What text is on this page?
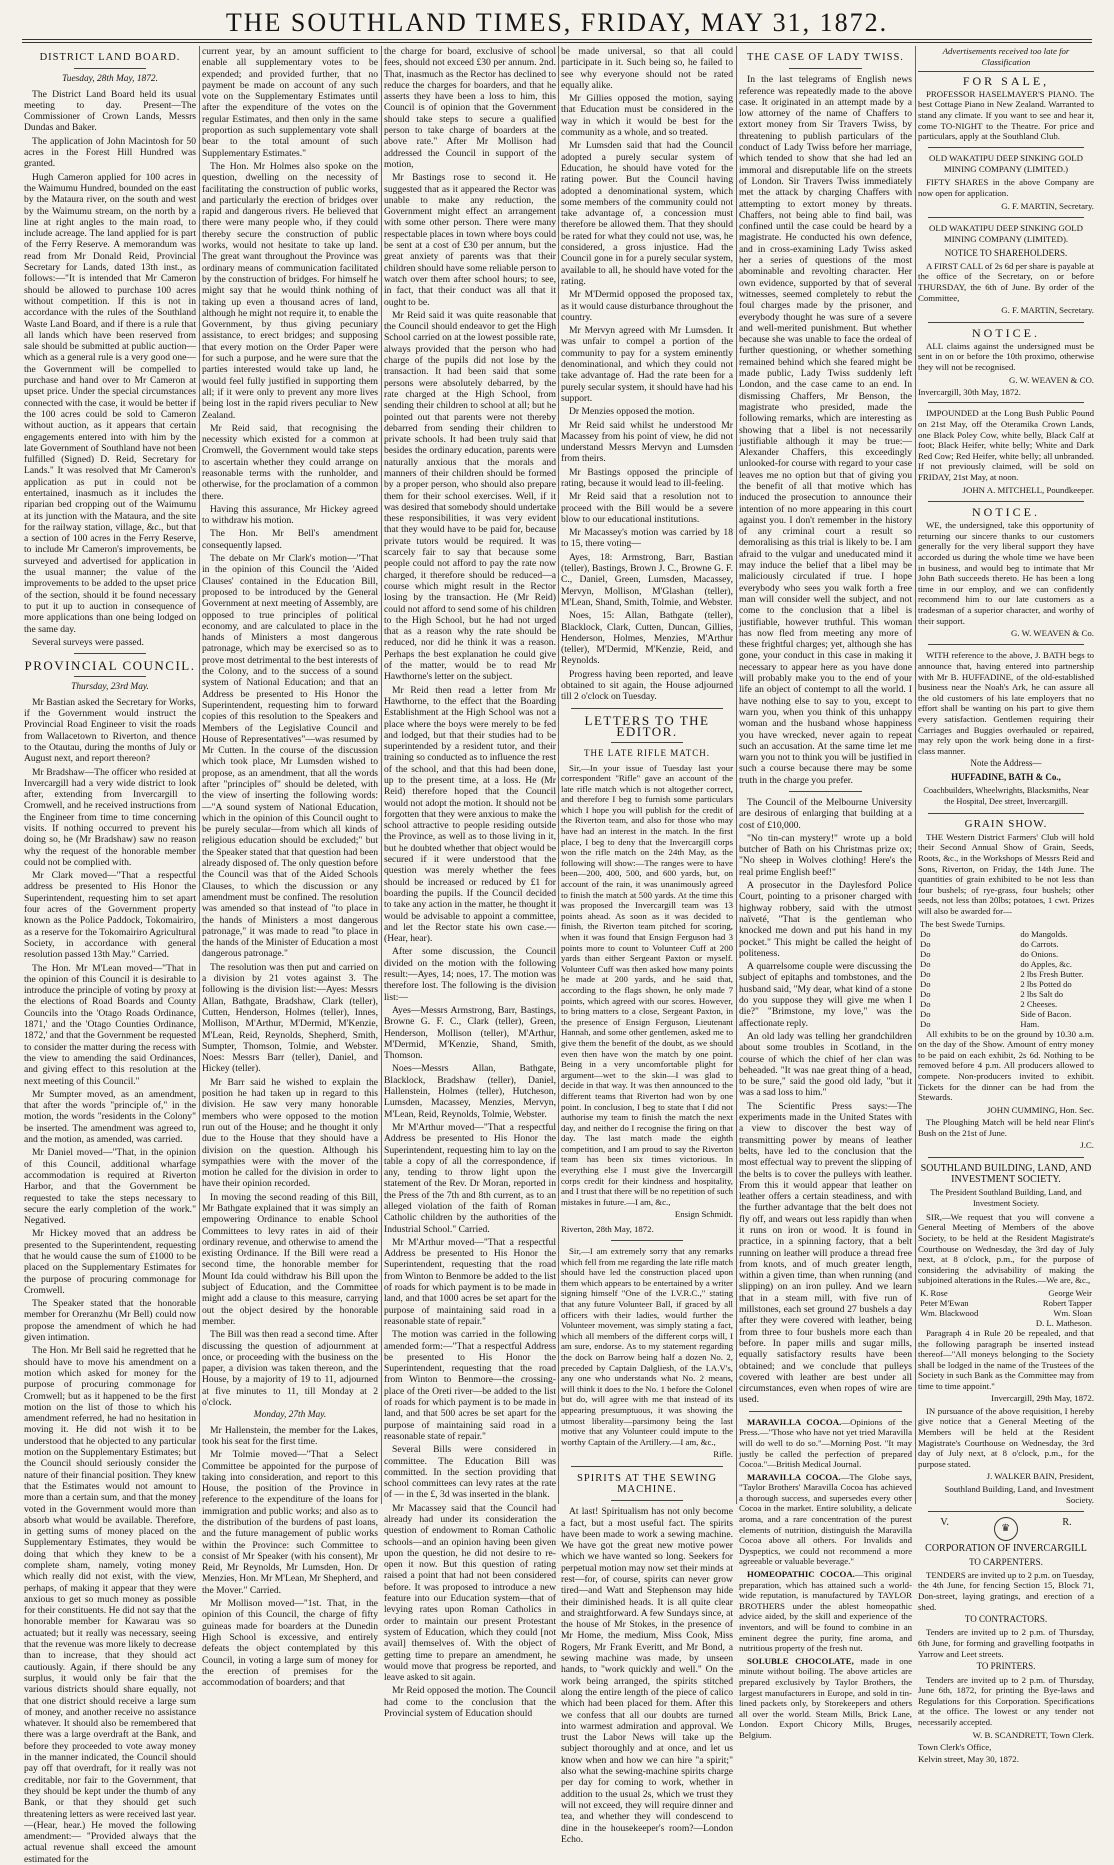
THE SOUTHLAND TIMES, FRIDAY, MAY 31, 1872.
DISTRICT LAND BOARD.
Tuesday, 28th May, 1872.

The District Land Board held its usual meeting to day. Present—The Commissioner of Crown Lands, Messrs Dundas and Baker.

The application of John Macintosh for 50 acres in the Forest Hill Hundred was granted.

Hugh Cameron applied for 100 acres in the Waimumu Hundred, bounded on the east by the Mataura river, on the south and west by the Waimumu stream, on the north by a line at right angles to the main road, to include acreage. The land applied for is part of the Ferry Reserve. A memorandum was read from Mr Donald Reid, Provincial Secretary for Lands, dated 13th inst., as follows:—"It is intended that Mr Cameron should be allowed to purchase 100 acres without competition. If this is not in accordance with the rules of the Southland Waste Land Board, and if there is a rule that all lands which have been reserved from sale should be submitted at public auction—which as a general rule is a very good one—the Government will be compelled to purchase and hand over to Mr Cameron at upset price. Under the special circumstances connected with the case, it would be better if the 100 acres could be sold to Cameron without auction, as it appears that certain engagements entered into with him by the late Government of Southland have not been fulfilled (Signed) D. Reid, Secretary for Lands." It was resolved that Mr Cameron's application as put in could not be entertained, inasmuch as it includes the riparian bed cropping out of the Waimumu at its junction with the Mataura, and the site for the railway station, village, &c., but that a section of 100 acres in the Ferry Reserve, to include Mr Cameron's improvements, be surveyed and advertised for application in the usual manner; the value of the improvements to be added to the upset price of the section, should it be found necessary to put it up to auction in consequence of more applications than one being lodged on the same day.

Several surveys were passed.

PROVINCIAL COUNCIL.
Thursday, 23rd May.

Mr Bastian asked the Secretary for Works, if the Government would instruct the Provincial Road Engineer to visit the roads from Wallacetown to Riverton, and thence to the Otautau, during the months of July or August next, and report thereon?

Mr Bradshaw—The officer who resided at Invercargill had a very wide district to look after, extending from Invercargill to Cromwell, and he received instructions from the Engineer from time to time concerning visits. If nothing occurred to prevent his doing so, he (Mr Bradshaw) saw no reason why the request of the honorable member could not be complied with.

Mr Clark moved—"That a respectful address be presented to His Honor the Superintendent, requesting him to set apart four acres of the Government property known as the Police Paddock, Tokomairiro, as a reserve for the Tokomairiro Agricultural Society, in accordance with general resolution passed 13th May." Carried.

The Hon. Mr M'Lean moved—"That in the opinion of this Council it is desirable to introduce the principle of voting by proxy at the elections of Road Boards and County Councils into the 'Otago Roads Ordinance, 1871,' and the 'Otago Counties Ordinance, 1872,' and that the Government be requested to consider the matter during the recess with the view to amending the said Ordinances, and giving effect to this resolution at the next meeting of this Council."

Mr Sumpter moved, as an amendment, that after the words "principle of," in the motion, the words "residents in the Colony" be inserted. The amendment was agreed to, and the motion, as amended, was carried.

Mr Daniel moved—"That, in the opinion of this Council, additional wharfage accommodation is required at Riverton Harbor, and that the Government be requested to take the steps necessary to secure the early completion of the work." Negatived.

Mr Hickey moved that an address be presented to the Superintendent, requesting that he would cause the sum of £1000 to be placed on the Supplementary Estimates for the purpose of procuring commonage for Cromwell.

The Speaker stated that the honorable member for Oreranzhu (Mr Bell) could now propose the amendment of which he had given intimation.

The Hon. Mr Bell said he regretted that he should have to move his amendment on a motion which asked for money for the purpose of procuring commonage for Cromwell; but as it happened to be the first motion on the list of those to which his amendment referred, he had no hesitation in moving it. He did not wish it to be understood that he objected to any particular motion on the Supplementary Estimates; but the Council should seriously consider the nature of their financial position. They knew that the Estimates would not amount to more than a certain sum, and that the money voted in the Government would more than absorb what would be available. Therefore, in getting sums of money placed on the Supplementary Estimates, they would be doing that which they knew to be a complete sham, namely, voting money which really did not exist, with the view, perhaps, of making it appear that they were anxious to get so much money as possible for their constituents. He did not say that the honorable member for Kawarau was so actuated; but it really was necessary, seeing that the revenue was more likely to decrease than to increase, that they should act cautiously. Again, if there should be any surplus, it would only be fair that the various districts should share equally, not that one district should receive a large sum of money, and another receive no assistance whatever. It should also be remembered that there was a large overdraft at the Bank, and before they proceeded to vote away money in the manner indicated, the Council should pay off that overdraft, for it really was not creditable, nor fair to the Government, that they should be kept under the thumb of any Bank, or that they should get such threatening letters as were received last year.—(Hear, hear.) He moved the following amendment:— "Provided always that the actual revenue shall exceed the amount estimated for the

current year, by an amount sufficient to enable all supplementary votes to be expended; and provided further, that no payment be made on account of any such vote on the Supplementary Estimates until after the expenditure of the votes on the regular Estimates, and then only in the same proportion as such supplementary vote shall bear to the total amount of such Supplementary Estimates."

The Hon. Mr Holmes also spoke on the question, dwelling on the necessity of facilitating the construction of public works, and particularly the erection of bridges over rapid and dangerous rivers. He believed that there were many people who, if they could thereby secure the construction of public works, would not hesitate to take up land. The great want throughout the Province was ordinary means of communication facilitated by the construction of bridges. For himself he might say that he would think nothing of taking up even a thousand acres of land, although he might not require it, to enable the Government, by thus giving pecuniary assistance, to erect bridges; and supposing that every motion on the Order Paper were for such a purpose, and he were sure that the parties interested would take up land, he would feel fully justified in supporting them all; if it were only to prevent any more lives being lost in the rapid rivers peculiar to New Zealand.

Mr Reid said, that recognising the necessity which existed for a common at Cromwell, the Government would take steps to ascertain whether they could arrange on reasonable terms with the runholder, and otherwise, for the proclamation of a common there.

Having this assurance, Mr Hickey agreed to withdraw his motion.

The Hon. Mr Bell's amendment consequently lapsed.

The debate on Mr Clark's motion—"That in the opinion of this Council the 'Aided Clauses' contained in the Education Bill, proposed to be introduced by the General Government at next meeting of Assembly, are opposed to true principles of political economy, and are calculated to place in the hands of Ministers a most dangerous patronage, which may be exercised so as to prove most detrimental to the best interests of the Colony, and to the success of a sound system of National Education; and that an Address be presented to His Honor the Superintendent, requesting him to forward copies of this resolution to the Speakers and Members of the Legislative Council and House of Representatives"—was resumed by Mr Cutten. In the course of the discussion which took place, Mr Lumsden wished to propose, as an amendment, that all the words after "principles of" should be deleted, with the view of inserting the following words:—"A sound system of National Education, which in the opinion of this Council ought to be purely secular—from which all kinds of religious education should be excluded;" but the Speaker stated that that question had been already disposed of. The only question before the Council was that of the Aided Schools Clauses, to which the discussion or any amendment must be confined. The resolution was amended so that instead of "to place in the hands of Ministers a most dangerous patronage," it was made to read "to place in the hands of the Minister of Education a most dangerous patronage."

The resolution was then put and carried on a division by 21 votes against 3. The following is the division list:—Ayes: Messrs Allan, Bathgate, Bradshaw, Clark (teller), Cutten, Henderson, Holmes (teller), Innes, Mollison, M'Arthur, M'Dermid, M'Kenzie, M'Lean, Reid, Reynolds, Shepherd, Smith, Sumpter, Thomson, Tolmie, and Webster. Noes: Messrs Barr (teller), Daniel, and Hickey (teller).

Mr Barr said he wished to explain the position he had taken up in regard to this division. He saw very many honorable members who were opposed to the motion run out of the House; and he thought it only due to the House that they should have a division on the question. Although his sympathies were with the mover of the motion he called for the division in order to have their opinion recorded.

In moving the second reading of this Bill, Mr Bathgate explained that it was simply an empowering Ordinance to enable School Committees to levy rates in aid of their ordinary revenue, and otherwise to amend the existing Ordinance. If the Bill were read a second time, the honorable member for Mount Ida could withdraw his Bill upon the subject of Education, and the Committee might add a clause to this measure, carrying out the object desired by the honorable member.

The Bill was then read a second time. After discussing the question of adjournment at once, or proceeding with the business on the paper, a division was taken thereon, and the House, by a majority of 19 to 11, adjourned at five minutes to 11, till Monday at 2 o'clock.

Monday, 27th May.

Mr Hallenstein, the member for the Lakes, took his seat for the first time.

Mr Tolmie moved—"That a Select Committee be appointed for the purpose of taking into consideration, and report to this House, the position of the Province in reference to the expenditure of the loans for immigration and public works; and also as to the distribution of the burdens of past loans, and the future management of public works within the Province: such Committee to consist of Mr Speaker (with his consent), Mr Reid, Mr Reynolds, Mr Lumsden, Hon. Dr Menzies, Hon. Mr M'Lean, Mr Shepherd, and the Mover." Carried.

Mr Mollison moved—"1st. That, in the opinion of this Council, the charge of fifty guineas made for boarders at the Dunedin High School is excessive, and entirely defeats the object contemplated by this Council, in voting a large sum of money for the erection of premises for the accommodation of boarders; and that

the charge for board, exclusive of school fees, should not exceed £30 per annum. 2nd. That, inasmuch as the Rector has declined to reduce the charges for boarders, and that he asserts they have been a loss to him, this Council is of opinion that the Government should take steps to secure a qualified person to take charge of boarders at the above rate." After Mr Mollison had addressed the Council in support of the motion,

Mr Bastings rose to second it. He suggested that as it appeared the Rector was unable to make any reduction, the Government might effect an arrangement with some other person. There were many respectable places in town where boys could be sent at a cost of £30 per annum, but the great anxiety of parents was that their children should have some reliable person to watch over them after school hours; to see, in fact, that their conduct was all that it ought to be.

Mr Reid said it was quite reasonable that the Council should endeavor to get the High School carried on at the lowest possible rate, always provided that the person who had charge of the pupils did not lose by the transaction. It had been said that some persons were absolutely debarred, by the rate charged at the High School, from sending their children to school at all; but he pointed out that parents were not thereby debarred from sending their children to private schools. It had been truly said that besides the ordinary education, parents were naturally anxious that the morals and manners of their children should be formed by a proper person, who should also prepare them for their school exercises. Well, if it was desired that somebody should undertake these responsibilities, it was very evident that they would have to be paid for, because private tutors would be required. It was scarcely fair to say that because some people could not afford to pay the rate now charged, it therefore should be reduced—a course which might result in the Rector losing by the transaction. He (Mr Reid) could not afford to send some of his children to the High School, but he had not urged that as a reason why the rate should be reduced, nor did he think it was a reason. Perhaps the best explanation he could give of the matter, would be to read Mr Hawthorne's letter on the subject.

Mr Reid then read a letter from Mr Hawthorne, to the effect that the Boarding Establishment at the High School was not a place where the boys were merely to be fed and lodged, but that their studies had to be superintended by a resident tutor, and their training so conducted as to influence the rest of the school, and that this had been done, up to the present time, at a loss. He (Mr Reid) therefore hoped that the Council would not adopt the motion. It should not be forgotten that they were anxious to make the school attractive to people residing outside the Province, as well as to those living in it, but he doubted whether that object would be secured if it were understood that the question was merely whether the fees should be increased or reduced by £1 for boarding the pupils. If the Council decided to take any action in the matter, he thought it would be advisable to appoint a committee, and let the Rector state his own case.—(Hear, hear).

After some discussion, the Council divided on the motion with the following result:—Ayes, 14; noes, 17. The motion was therefore lost. The following is the division list:—

Ayes—Messrs Armstrong, Barr, Bastings, Browne G. F. C., Clark (teller), Green, Henderson, Mollison (teller), M'Arthur, M'Dermid, M'Kenzie, Shand, Smith, Thomson.

Noes—Messrs Allan, Bathgate, Blacklock, Bradshaw (teller), Daniel, Hallenstein, Holmes (teller), Hutcheson, Lumsden, Macassey, Menzies, Mervyn, M'Lean, Reid, Reynolds, Tolmie, Webster.

Mr M'Arthur moved—"That a respectful Address be presented to His Honor the Superintendent, requesting him to lay on the table a copy of all the correspondence, if any, tending to throw light upon the statement of the Rev. Dr Moran, reported in the Press of the 7th and 8th current, as to an alleged violation of the faith of Roman Catholic children by the authorities of the Industrial School." Carried.

Mr M'Arthur moved—"That a respectful Address be presented to His Honor the Superintendent, requesting that the road from Winton to Benmore be added to the list of roads for which payment is to be made in land, and that 1000 acres be set apart for the purpose of maintaining said road in a reasonable state of repair."

The motion was carried in the following amended form:—"That a respectful Address be presented to His Honor the Superintendent, requesting that the road from Winton to Benmore—the crossing-place of the Oreti river—be added to the list of roads for which payment is to be made in land, and that 500 acres be set apart for the purpose of maintaining said road in a reasonable state of repair."

Several Bills were considered in committee. The Education Bill was committed. In the section providing that school committees can levy rates at the rate of — in the £, 3d was inserted in the blank.

Mr Macassey said that the Council had already had under its consideration the question of endowment to Roman Catholic schools—and an opinion having been given upon the question, he did not desire to re-open it now. But this question of rating raised a point that had not been considered before. It was proposed to introduce a new feature into our Education system—that of levying rates upon Roman Catholics in order to maintain our present Protestant system of Education, which they could [not avail] themselves of. With the object of getting time to prepare an amendment, he would move that progress be reported, and leave asked to sit again.

Mr Reid opposed the motion. The Council had come to the conclusion that the Provincial system of Education should

be made universal, so that all could participate in it. Such being so, he failed to see why everyone should not be rated equally alike.

Mr Gillies opposed the motion, saying that Education must be considered in the way in which it would be best for the community as a whole, and so treated.

Mr Lumsden said that had the Council adopted a purely secular system of Education, he should have voted for the rating power. But the Council having adopted a denominational system, which some members of the community could not take advantage of, a concession must therefore be allowed them. That they should be rated for what they could not use, was, he considered, a gross injustice. Had the Council gone in for a purely secular system, available to all, he should have voted for the rating.

Mr M'Dermid opposed the proposed tax, as it would cause disturbance throughout the country.

Mr Mervyn agreed with Mr Lumsden. It was unfair to compel a portion of the community to pay for a system eminently denominational, and which they could not take advantage of. Had the rate been for a purely secular system, it should have had his support.

Dr Menzies opposed the motion.

Mr Reid said whilst he understood Mr Macassey from his point of view, he did not understand Messrs Mervyn and Lumsden from theirs.

Mr Bastings opposed the principle of rating, because it would lead to ill-feeling.

Mr Reid said that a resolution not to proceed with the Bill would be a severe blow to our educational institutions.

Mr Macassey's motion was carried by 18 to 15, there voting—

Ayes, 18: Armstrong, Barr, Bastian (teller), Bastings, Brown J. C., Browne G. F. C., Daniel, Green, Lumsden, Macassey, Mervyn, Mollison, M'Glashan (teller), M'Lean, Shand, Smith, Tolmie, and Webster.

Noes, 15: Allan, Bathgate (teller), Blacklock, Clark, Cutten, Duncan, Gillies, Henderson, Holmes, Menzies, M'Arthur (teller), M'Dermid, M'Kenzie, Reid, and Reynolds.

Progress having been reported, and leave obtained to sit again, the House adjourned till 2 o'clock on Tuesday.

LETTERS TO THE EDITOR.
THE LATE RIFLE MATCH.

Sir,—In your issue of Tuesday last your correspondent "Rifle" gave an account of the late rifle match which is not altogether correct, and therefore I beg to furnish some particulars which I hope you will publish for the credit of the Riverton team, and also for those who may have had an interest in the match. In the first place, I beg to deny that the Invercargill corps won the rifle match on the 24th May, as the following will show:—The ranges were to have been—200, 400, 500, and 600 yards, but, on account of the rain, it was unanimously agreed to finish the match at 500 yards. At the time this was proposed the Invercargill team was 13 points ahead. As soon as it was decided to finish, the Riverton team pitched for scoring, when it was found that Ensign Ferguson had 3 points more to count to Volunteer Cuff at 200 yards than either Sergeant Paxton or myself. Volunteer Cuff was then asked how many points he made at 200 yards, and he said that, according to the flags shown, he only made 7 points, which agreed with our scores. However, to bring matters to a close, Sergeant Paxton, in the presence of Ensign Ferguson, Lieutenant Hannah, and some other gentlemen, asked me to give them the benefit of the doubt, as we should even then have won the match by one point. Being in a very uncomfortable plight for argument—wet to the skin—I was glad to decide in that way. It was then announced to the different teams that Riverton had won by one point. In conclusion, I beg to state that I did not authorise my team to finish the match the next day, and neither do I recognise the firing on that day. The last match made the eighth competition, and I am proud to say the Riverton team has been six times victorious. In everything else I must give the Invercargill corps credit for their kindness and hospitality, and I trust that there will be no repetition of such mistakes in future.—I am, &c.,

Ensign Schmidt.
Riverton, 28th May, 1872.

Sir,—I am extremely sorry that any remarks which fell from me regarding the late rifle match should have led the construction placed upon them which appears to be entertained by a writer signing himself "One of the I.V.R.C.," stating that any future Volunteer Ball, if graced by all officers with their ladies, would further the Volunteer movement, was simply stating a fact, which all members of the different corps will, I am sure, endorse. As to my statement regarding the dock on Barrow being half a dozen No. 2, preceded by Captain Dalgliesh, of the I.A.V's, any one who understands what No. 2 means, will think it does to the No. 1 before the Colonel but do, will agree with me that instead of its appearing presumptuous, it was showing the utmost liberality—parsimony being the last motive that any Volunteer could impute to the worthy Captain of the Artillery.—I am, &c.,

Rifle.
SPIRITS AT THE SEWING MACHINE.

At last! Spiritualism has not only become a fact, but a most useful fact. The spirits have been made to work a sewing machine. We have got the great new motive power which we have wanted so long. Seekers for perpetual motion may now set their minds at rest—for, of course, spirits can never grow tired—and Watt and Stephenson may hide their diminished heads. It is all quite clear and straightforward. A few Sundays since, at the house of Mr Stokes, in the presence of Mr Home, the medium, Miss Cook, Miss Rogers, Mr Frank Everitt, and Mr Bond, a sewing machine was made, by unseen hands, to "work quickly and well." On the work being arranged, the spirits stitched along the entire length of the piece of calico which had been placed for them. After this we confess that all our doubts are turned into warmest admiration and approval. We trust the Labor News will take up the subject thoroughly and at once, and let us know when and how we can hire "a spirit;" also what the sewing-machine spirits charge per day for coming to work, whether in addition to the usual 2s, which we trust they will not exceed, they will require dinner and tea, and whether they will condescend to dine in the housekeeper's room?—London Echo.

THE CASE OF LADY TWISS.

In the last telegrams of English news reference was repeatedly made to the above case. It originated in an attempt made by a low attorney of the name of Chaffers to extort money from Sir Travers Twiss, by threatening to publish particulars of the conduct of Lady Twiss before her marriage, which tended to show that she had led an immoral and disreputable life on the streets of London. Sir Travers Twiss immediately met the attack by charging Chaffers with attempting to extort money by threats. Chaffers, not being able to find bail, was confined until the case could be heard by a magistrate. He conducted his own defence, and in cross-examining Lady Twiss asked her a series of questions of the most abominable and revolting character. Her own evidence, supported by that of several witnesses, seemed completely to rebut the foul charges made by the prisoner, and everybody thought he was sure of a severe and well-merited punishment. But whether because she was unable to face the ordeal of further questioning, or whether something remained behind which she feared might be made public, Lady Twiss suddenly left London, and the case came to an end. In dismissing Chaffers, Mr Benson, the magistrate who presided, made the following remarks, which are interesting as showing that a libel is not necessarily justifiable although it may be true:—Alexander Chaffers, this exceedingly unlooked-for course with regard to your case leaves me no option but that of giving you the benefit of all that motive which has induced the prosecution to announce their intention of no more appearing in this court against you. I don't remember in the history of any criminal court a result so demoralising as this trial is likely to be. I am afraid to the vulgar and uneducated mind it may induce the belief that a libel may be maliciously circulated if true. I hope everybody who sees you walk forth a free man will consider well the subject, and not come to the conclusion that a libel is justifiable, however truthful. This woman has now fled from meeting any more of these frightful charges; yet, although she has gone, your conduct in this case in making it necessary to appear here as you have done will probably make you to the end of your life an object of contempt to all the world. I have nothing else to say to you, except to warn you, when you think of this unhappy woman and the husband whose happiness you have wrecked, never again to repeat such an accusation. At the same time let me warn you not to think you will be justified in such a course because there may be some truth in the charge you prefer.

The Council of the Melbourne University are desirous of enlarging that building at a cost of £10,000.

"No tin-can mystery!" wrote up a bold butcher of Bath on his Christmas prize ox; "No sheep in Wolves clothing! Here's the real prime English beef!"

A prosecutor in the Daylesford Police Court, pointing to a prisoner charged with highway robbery, said with the utmost naïveté, "That is the gentleman who knocked me down and put his hand in my pocket." This might be called the height of politeness.

A quarrelsome couple were discussing the subject of epitaphs and tombstones, and the husband said, "My dear, what kind of a stone do you suppose they will give me when I die?" "Brimstone, my love," was the affectionate reply.

An old lady was telling her grandchildren about some troubles in Scotland, in the course of which the chief of her clan was beheaded. "It was nae great thing of a head, to be sure," said the good old lady, "but it was a sad loss to him."

The Scientific Press says:—The experiments made in the United States with a view to discover the best way of transmitting power by means of leather belts, have led to the conclusion that the most effectual way to prevent the slipping of the belts is to cover the pulleys with leather. From this it would appear that leather on leather offers a certain steadiness, and with the further advantage that the belt does not fly off, and wears out less rapidly than when it runs on iron or wood. It is found in practice, in a spinning factory, that a belt running on leather will produce a thread free from knots, and of much greater length, within a given time, than when running (and slipping) on an iron pulley. And we learn that in a steam mill, with five run of millstones, each set ground 27 bushels a day after they were covered with leather, being from three to four bushels more each than before. In paper mills and sugar mills, equally satisfactory results have been obtained; and we conclude that pulleys covered with leather are best under all circumstances, even when ropes of wire are used.

MARAVILLA COCOA.—Opinions of the Press.—"Those who have not yet tried Maravilla will do well to do so."—Morning Post. "It may justly be called the perfection of prepared Cocoa."—British Medical Journal.

MARAVILLA COCOA.—The Globe says, "Taylor Brothers' Maravilla Cocoa has achieved a thorough success, and supersedes every other Cocoa in the market. Entire solubility, a delicate aroma, and a rare concentration of the purest elements of nutrition, distinguish the Maravilla Cocoa above all others. For Invalids and Dyspeptics, we could not recommend a more agreeable or valuable beverage."

HOMEOPATHIC COCOA.—This original preparation, which has attained such a world-wide reputation, is manufactured by TAYLOR BROTHERS under the ablest homeopathic advice aided, by the skill and experience of the inventors, and will be found to combine in an eminent degree the purity, fine aroma, and nutritious property of the fresh nut.

SOLUBLE CHOCOLATE, made in one minute without boiling. The above articles are prepared exclusively by Taylor Brothers, the largest manufacturers in Europe, and sold in tin-lined packets only, by Storekeepers and others all over the world. Steam Mills, Brick Lane, London. Export Chicory Mills, Bruges, Belgium.

Advertisements received too late for Classification
FOR SALE,

PROFESSOR HASELMAYER'S PIANO. The best Cottage Piano in New Zealand. Warranted to stand any climate. If you want to see and hear it, come TO-NIGHT to the Theatre. For price and particulars, apply at the Southland Club.

OLD WAKATIPU DEEP SINKING GOLD MINING COMPANY (LIMITED.)

FIFTY SHARES in the above Company are now open for application.

G. F. MARTIN, Secretary.
OLD WAKATIPU DEEP SINKING GOLD MINING COMPANY (LIMITED).
NOTICE TO SHAREHOLDERS.

A FIRST CALL of 2s 6d per share is payable at the office of the Secretary, on or before THURSDAY, the 6th of June. By order of the Committee,

G. F. MARTIN, Secretary.
NOTICE.

ALL claims against the undersigned must be sent in on or before the 10th proximo, otherwise they will not be recognised.

G. W. WEAVEN & CO.
Invercargill, 30th May, 1872.

IMPOUNDED at the Long Bush Public Pound on 21st May, off the Oteramika Crown Lands, one Black Poley Cow, white belly, Black Calf at foot; Black Heifer, white belly; White and Dark Red Cow; Red Heifer, white belly; all unbranded. If not previously claimed, will be sold on FRIDAY, 21st May, at noon.

JOHN A. MITCHELL, Poundkeeper.
NOTICE.

WE, the undersigned, take this opportunity of returning our sincere thanks to our customers generally for the very liberal support they have accorded us during the whole time we have been in business, and would beg to intimate that Mr John Bath succeeds thereto. He has been a long time in our employ, and we can confidently recommend him to our late customers as a tradesman of a superior character, and worthy of their support.

G. W. WEAVEN & Co.

WITH reference to the above, J. BATH begs to announce that, having entered into partnership with Mr B. HUFFADINE, of the old-established business near the Noah's Ark, he can assure all the old customers of his late employers that no effort shall be wanting on his part to give them every satisfaction. Gentlemen requiring their Carriages and Buggies overhauled or repaired, may rely upon the work being done in a first-class manner.

Note the Address—
HUFFADINE, BATH & Co.,
Coachbuilders, Wheelwrights, Blacksmiths, Near the Hospital, Dee street, Invercargill.
GRAIN SHOW.

THE Western District Farmers' Club will hold their Second Annual Show of Grain, Seeds, Roots, &c., in the Workshops of Messrs Reid and Sons, Riverton, on Friday, the 14th June. The quantities of grain exhibited to be not less than four bushels; of rye-grass, four bushels; other seeds, not less than 20lbs; potatoes, 1 cwt. Prizes will also be awarded for—

The best Swede Turnips.	
Do	do Mangolds.
Do	do Carrots.
Do	do Onions.
Do	do Apples, &c.
Do	2 lbs Fresh Butter.
Do	2 lbs Potted do
Do	2 lbs Salt do
Do	2 Cheeses.
Do	Side of Bacon.
Do	Ham.

All exhibits to be on the ground by 10.30 a.m. on the day of the Show. Amount of entry money to be paid on each exhibit, 2s 6d. Nothing to be removed before 4 p.m. All producers allowed to compete. Non-producers invited to exhibit. Tickets for the dinner can be had from the Stewards.

JOHN CUMMING, Hon. Sec.

The Ploughing Match will be held near Flint's Bush on the 21st of June.

J.C.
SOUTHLAND BUILDING, LAND, AND INVESTMENT SOCIETY.
The President Southland Building, Land, and Investment Society.

SIR,—We request that you will convene a General Meeting of Members of the above Society, to be held at the Resident Magistrate's Courthouse on Wednesday, the 3rd day of July next, at 8 o'clock, p.m., for the purpose of considering the advisability of making the subjoined alterations in the Rules.—We are, &c.,

K. Rose	George Weir
Peter M'Ewan	Robert Tapper
Wm. Blackwood	Wm. Sloan
	D. L. Matheson.

Paragraph 4 in Rule 20 be repealed, and that the following paragraph be inserted instead thereof—"All moneys belonging to the Society shall be lodged in the name of the Trustees of the Society in such Bank as the Committee may from time to time appoint."

Invercargill, 29th May, 1872.

IN pursuance of the above requisition, I hereby give notice that a General Meeting of the Members will be held at the Resident Magistrate's Courthouse on Wednesday, the 3rd day of July next, at 8 o'clock, p.m., for the purpose stated.

J. WALKER BAIN, President,
Southland Building, Land, and Investment Society.
V.
♛
R.
CORPORATION OF INVERCARGILL
TO CARPENTERS.

TENDERS are invited up to 2 p.m. on Tuesday, the 4th June, for fencing Section 15, Block 71, Don-street, laying gratings, and erection of a shed.

TO CONTRACTORS.

Tenders are invited up to 2 p.m. of Thursday, 6th June, for forming and gravelling footpaths in Yarrow and Leet streets.

TO PRINTERS.

Tenders are invited up to 2 p.m. of Thursday, June 6th, 1872, for printing the Bye-laws and Regulations for this Corporation. Specifications at the office. The lowest or any tender not necessarily accepted.

W. B. SCANDRETT, Town Clerk.
Town Clerk's Office,
Kelvin street, May 30, 1872.
